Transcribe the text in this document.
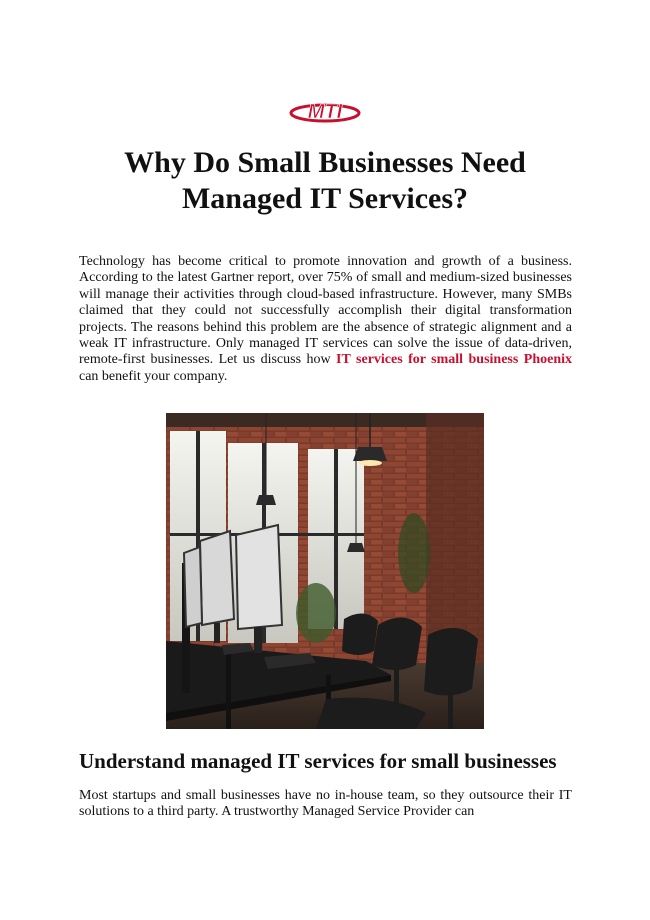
MTI
Why Do Small Businesses Need
Managed IT Services?

Technology has become critical to promote innovation and growth of a business. According to the latest Gartner report, over 75% of small and medium-sized businesses will manage their activities through cloud-based infrastructure. However, many SMBs claimed that they could not successfully accomplish their digital transformation projects. The reasons behind this problem are the absence of strategic alignment and a weak IT infrastructure. Only managed IT services can solve the issue of data-driven, remote-first businesses. Let us discuss how IT services for small business Phoenix can benefit your company.

Understand managed IT services for small businesses

Most startups and small businesses have no in-house team, so they outsource their IT solutions to a third party. A trustworthy Managed Service Provider can
